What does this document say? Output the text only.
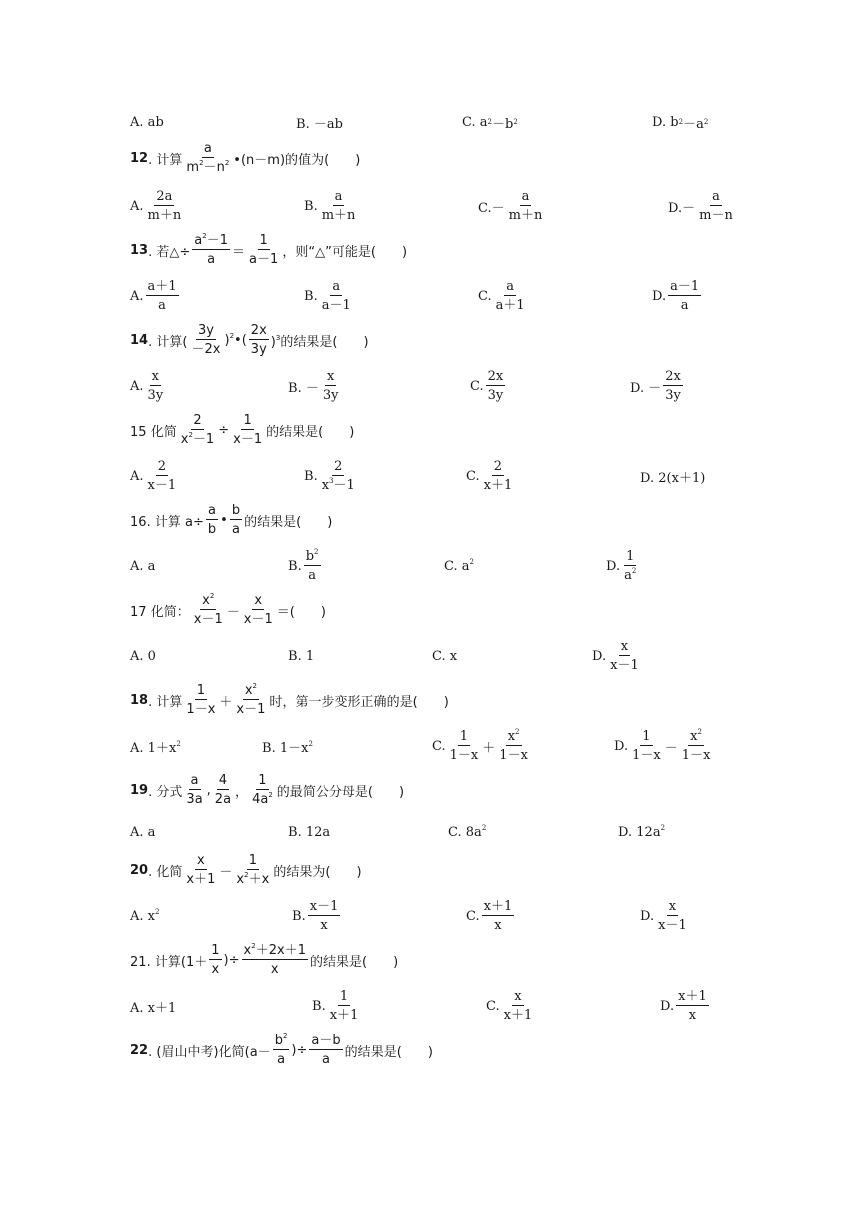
A. ab	B. －ab	C. a 2 －b 2	D. b 2 －a 2
12 . 计算 $\frac{a}{m^2-n^2}$ •(n－m)的值为(　　 )
A. $\frac{2a}{m+n}$	B. $\frac{a}{m+n}$	$C.- \frac{a}{m+n}$	$D.- \frac{a}{m-n}$
13 . 若△÷ $\frac{a^2-1}{a} = \frac{1}{a-1}$ ，则“△”可能是(　　 )
A. $\frac{a+1}{a}$	B. $\frac{a}{a-1}$	C. $\frac{a}{a+1}$	D. $\frac{a-1}{a}$
14 . 计算( $\frac{3y}{-2x}$ )$^2$•( $\frac{2x}{3y} )^3$的结果是(　　 )
A. $\frac{x}{3y}$	B. － $\frac{x}{3y}$	C. $\frac{2x}{3y}$	D. － $\frac{2x}{3y}$
15 化简 $\frac{2}{x^2-1} \div \frac{1}{x-1}$ 的结果是(　　 )
A. $\frac{2}{x-1}$	B. $\frac{2}{x^3-1}$	C. $\frac{2}{x+1}$	D. 2(x＋1)
16. 计算 $a\div \frac{a}{b}$ • $\frac{b}{a}$ 的结果是(　　 )
A. a	B. $\frac{b^2}{a}$	C. $a^2$	D. $\frac{1}{a^2}$
17 化简： $\frac{x^2}{x-1} - \frac{x}{x-1}$ ＝(　　 )
A. 0	B. 1	C. x	D. $\frac{x}{x-1}$
18 . 计算 $\frac{1}{1-x} + \frac{x^2}{x-1}$ 时，第一步变形正确的是(　　 )
A. $1+x^2$	B. $1-x^2$	C. $\frac{1}{1-x} + \frac{x^2}{1-x}$	D. $\frac{1}{1-x} - \frac{x^2}{1-x}$
19 . 分式 $\frac{a}{3a}$ , $\frac{4}{2a}$ ， $\frac{1}{4a^2}$ 的最简公分母是(　　 )
A. a	B. 12a	C. $8a^2$	D. $12a^2$
20 . 化简 $\frac{x}{x+1} - \frac{1}{x^2+x}$ 的结果为(　　 )
A. $x^2$	B. $\frac{x-1}{x}$	C. $\frac{x+1}{x}$	D. $\frac{x}{x-1}$
21. 计算($1+ \frac{1}{x}$ )÷ $\frac{x^2+2x+1}{x}$ 的结果是(　　 )
A. x＋1	B. $\frac{1}{x+1}$	C. $\frac{x}{x+1}$	D. $\frac{x+1}{x}$
22 . (眉山中考)化简($a- \frac{b^2}{a}$ )÷ $\frac{a-b}{a}$ 的结果是(　　 )
